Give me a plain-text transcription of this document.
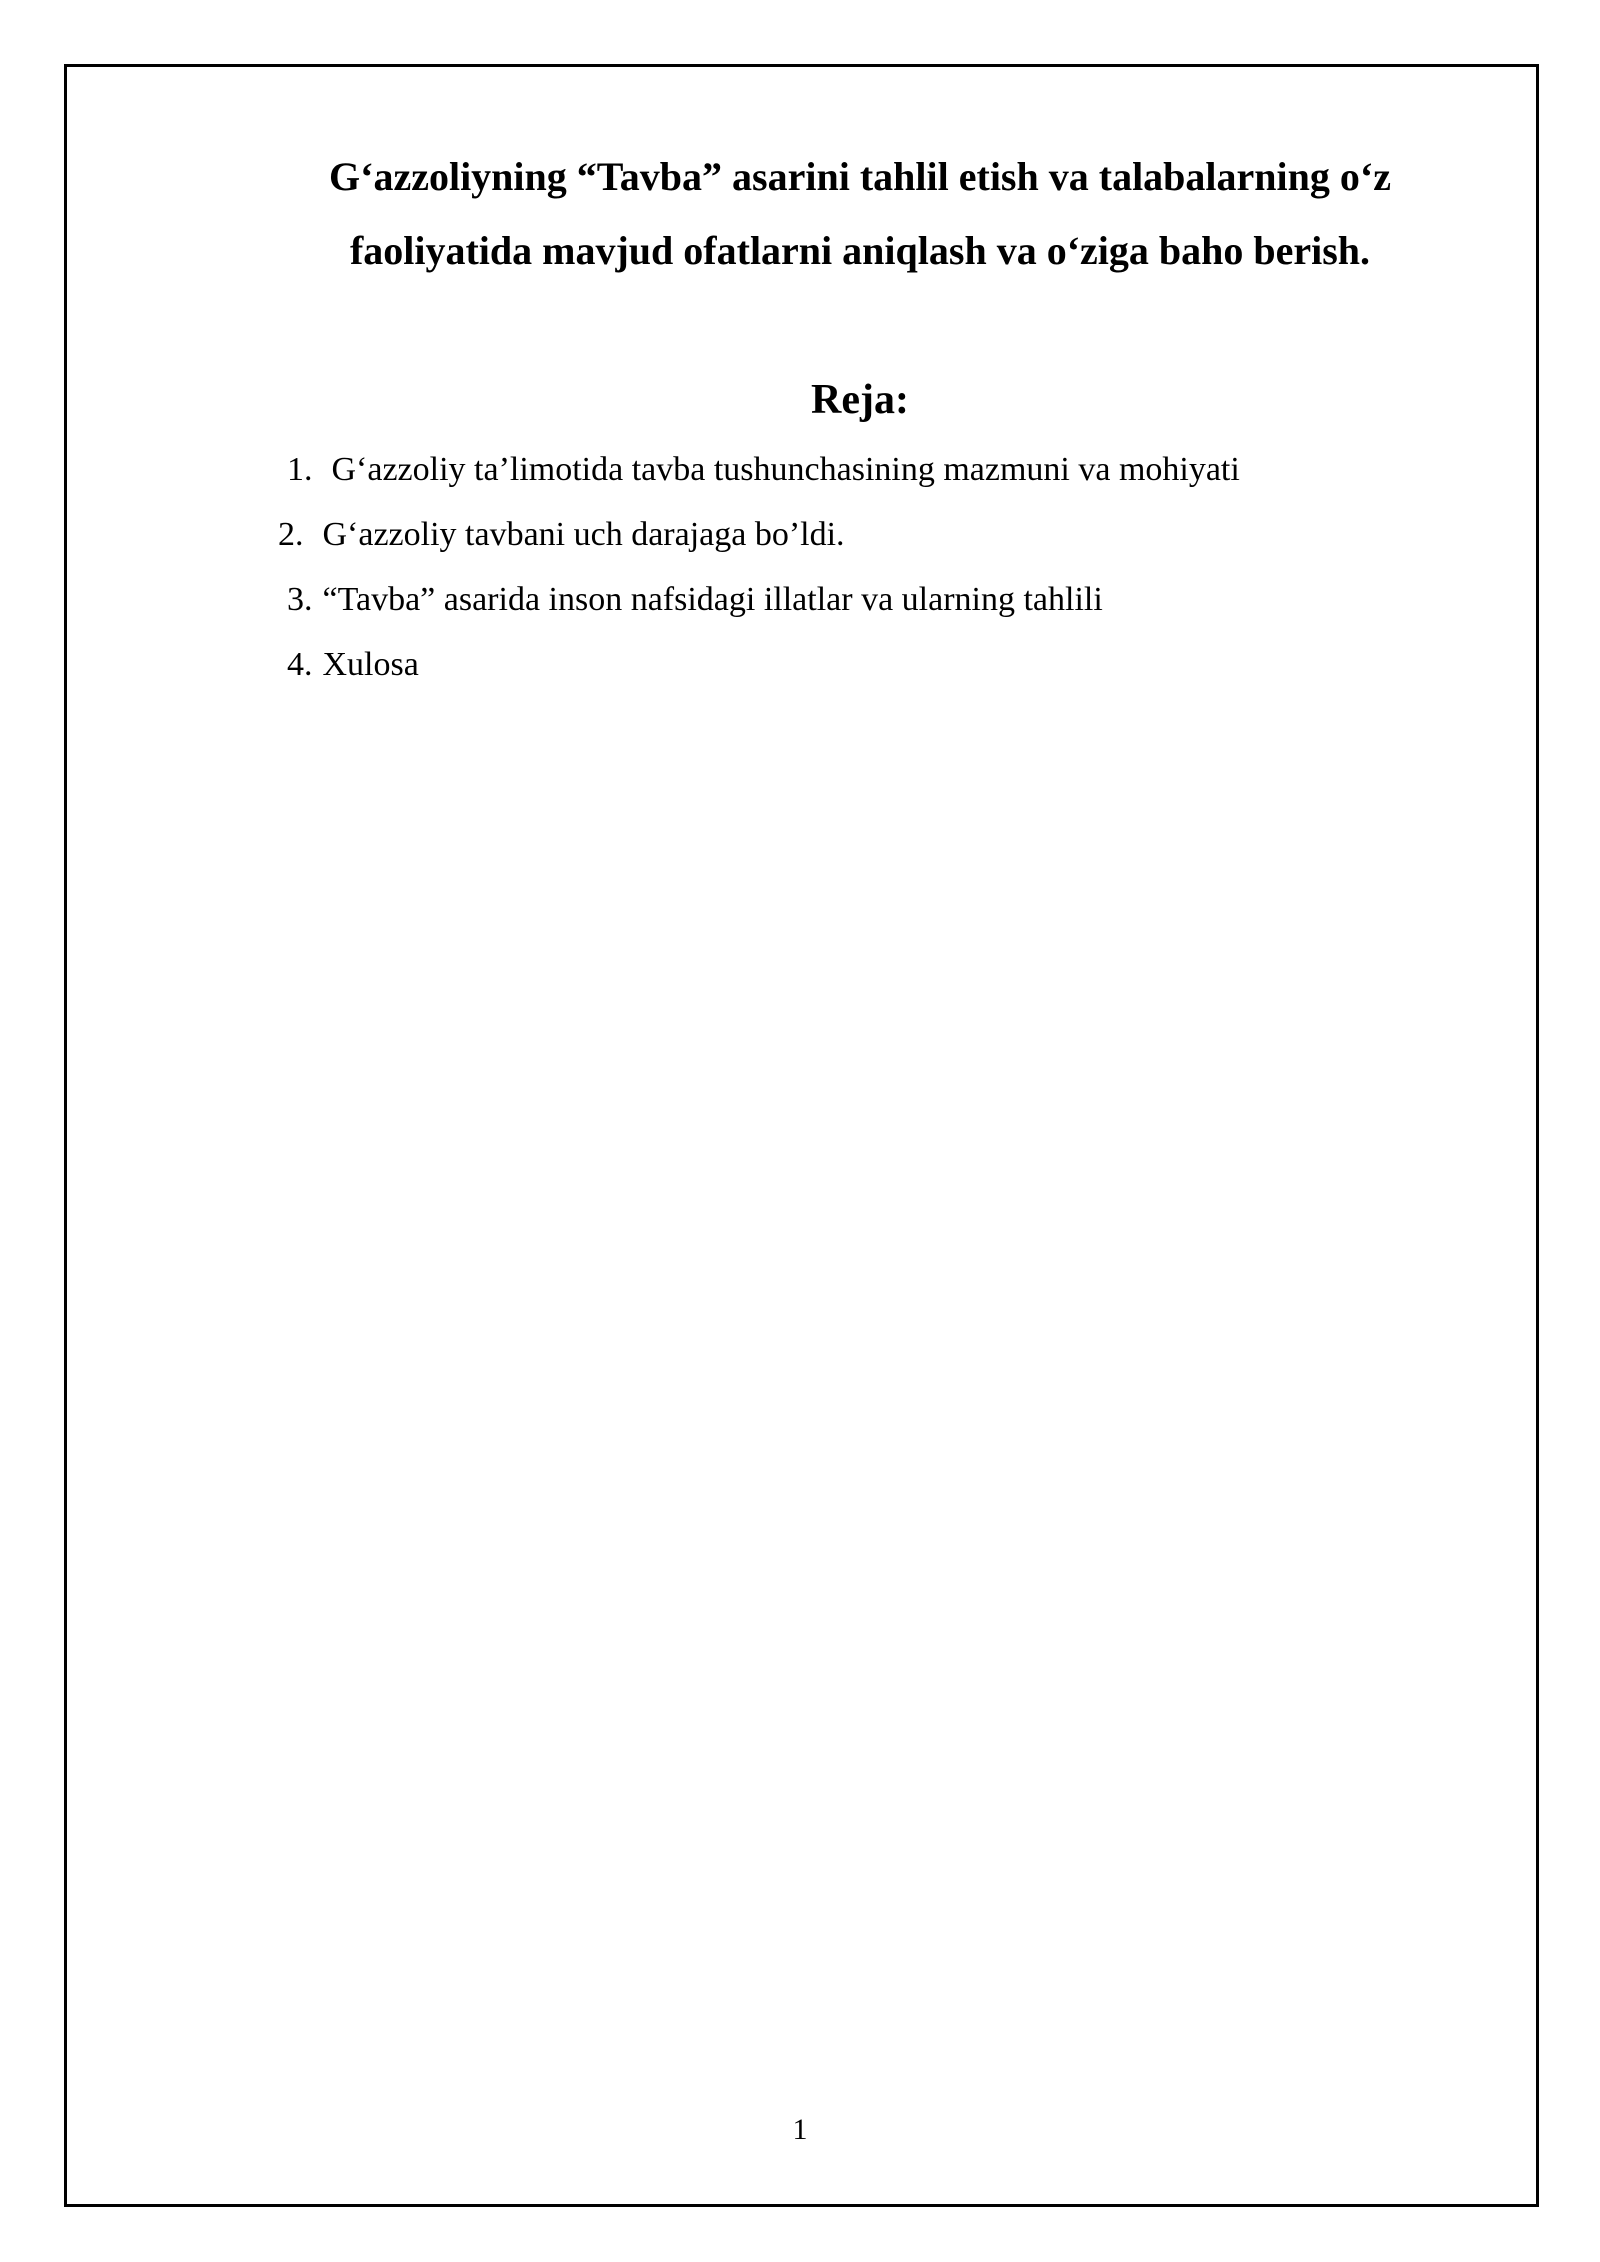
G‘azzoliyning “Tavba” asarini tahlil etish va talabalarning o‘z
faoliyatida mavjud ofatlarni aniqlash va o‘ziga baho berish.
Reja:
1. G‘azzoliy ta’limotida tavba tushunchasining mazmuni va mohiyati
2. G‘azzoliy tavbani uch darajaga bo’ldi.
3. “Tavba” asarida inson nafsidagi illatlar va ularning tahlili
4. Xulosa
1
